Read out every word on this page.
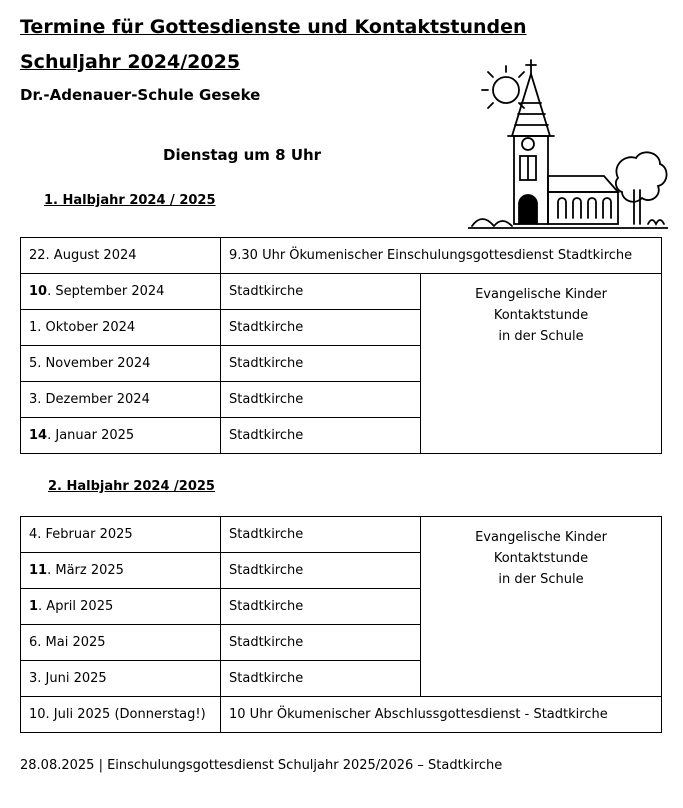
Termine für Gottesdienste und Kontaktstunden
Schuljahr 2024/2025
Dr.-Adenauer-Schule Geseke
Dienstag um 8 Uhr
1. Halbjahr 2024 / 2025
22. August 2024	9.30 Uhr Ökumenischer Einschulungsgottesdienst Stadtkirche	
10. September 2024	Stadtkirche	Evangelische Kinder
Kontaktstunde
in der Schule

1. Oktober 2024	Stadtkirche	
5. November 2024	Stadtkirche	
3. Dezember 2024	Stadtkirche	
14. Januar 2025	Stadtkirche	
2. Halbjahr 2024 /2025
4. Februar 2025	Stadtkirche	Evangelische Kinder
Kontaktstunde
in der Schule

11. März 2025	Stadtkirche	
1. April 2025	Stadtkirche	
6. Mai 2025	Stadtkirche	
3. Juni 2025	Stadtkirche	
10. Juli 2025 (Donnerstag!)	10 Uhr Ökumenischer Abschlussgottesdienst - Stadtkirche	
28.08.2025 | Einschulungsgottesdienst Schuljahr 2025/2026 – Stadtkirche
